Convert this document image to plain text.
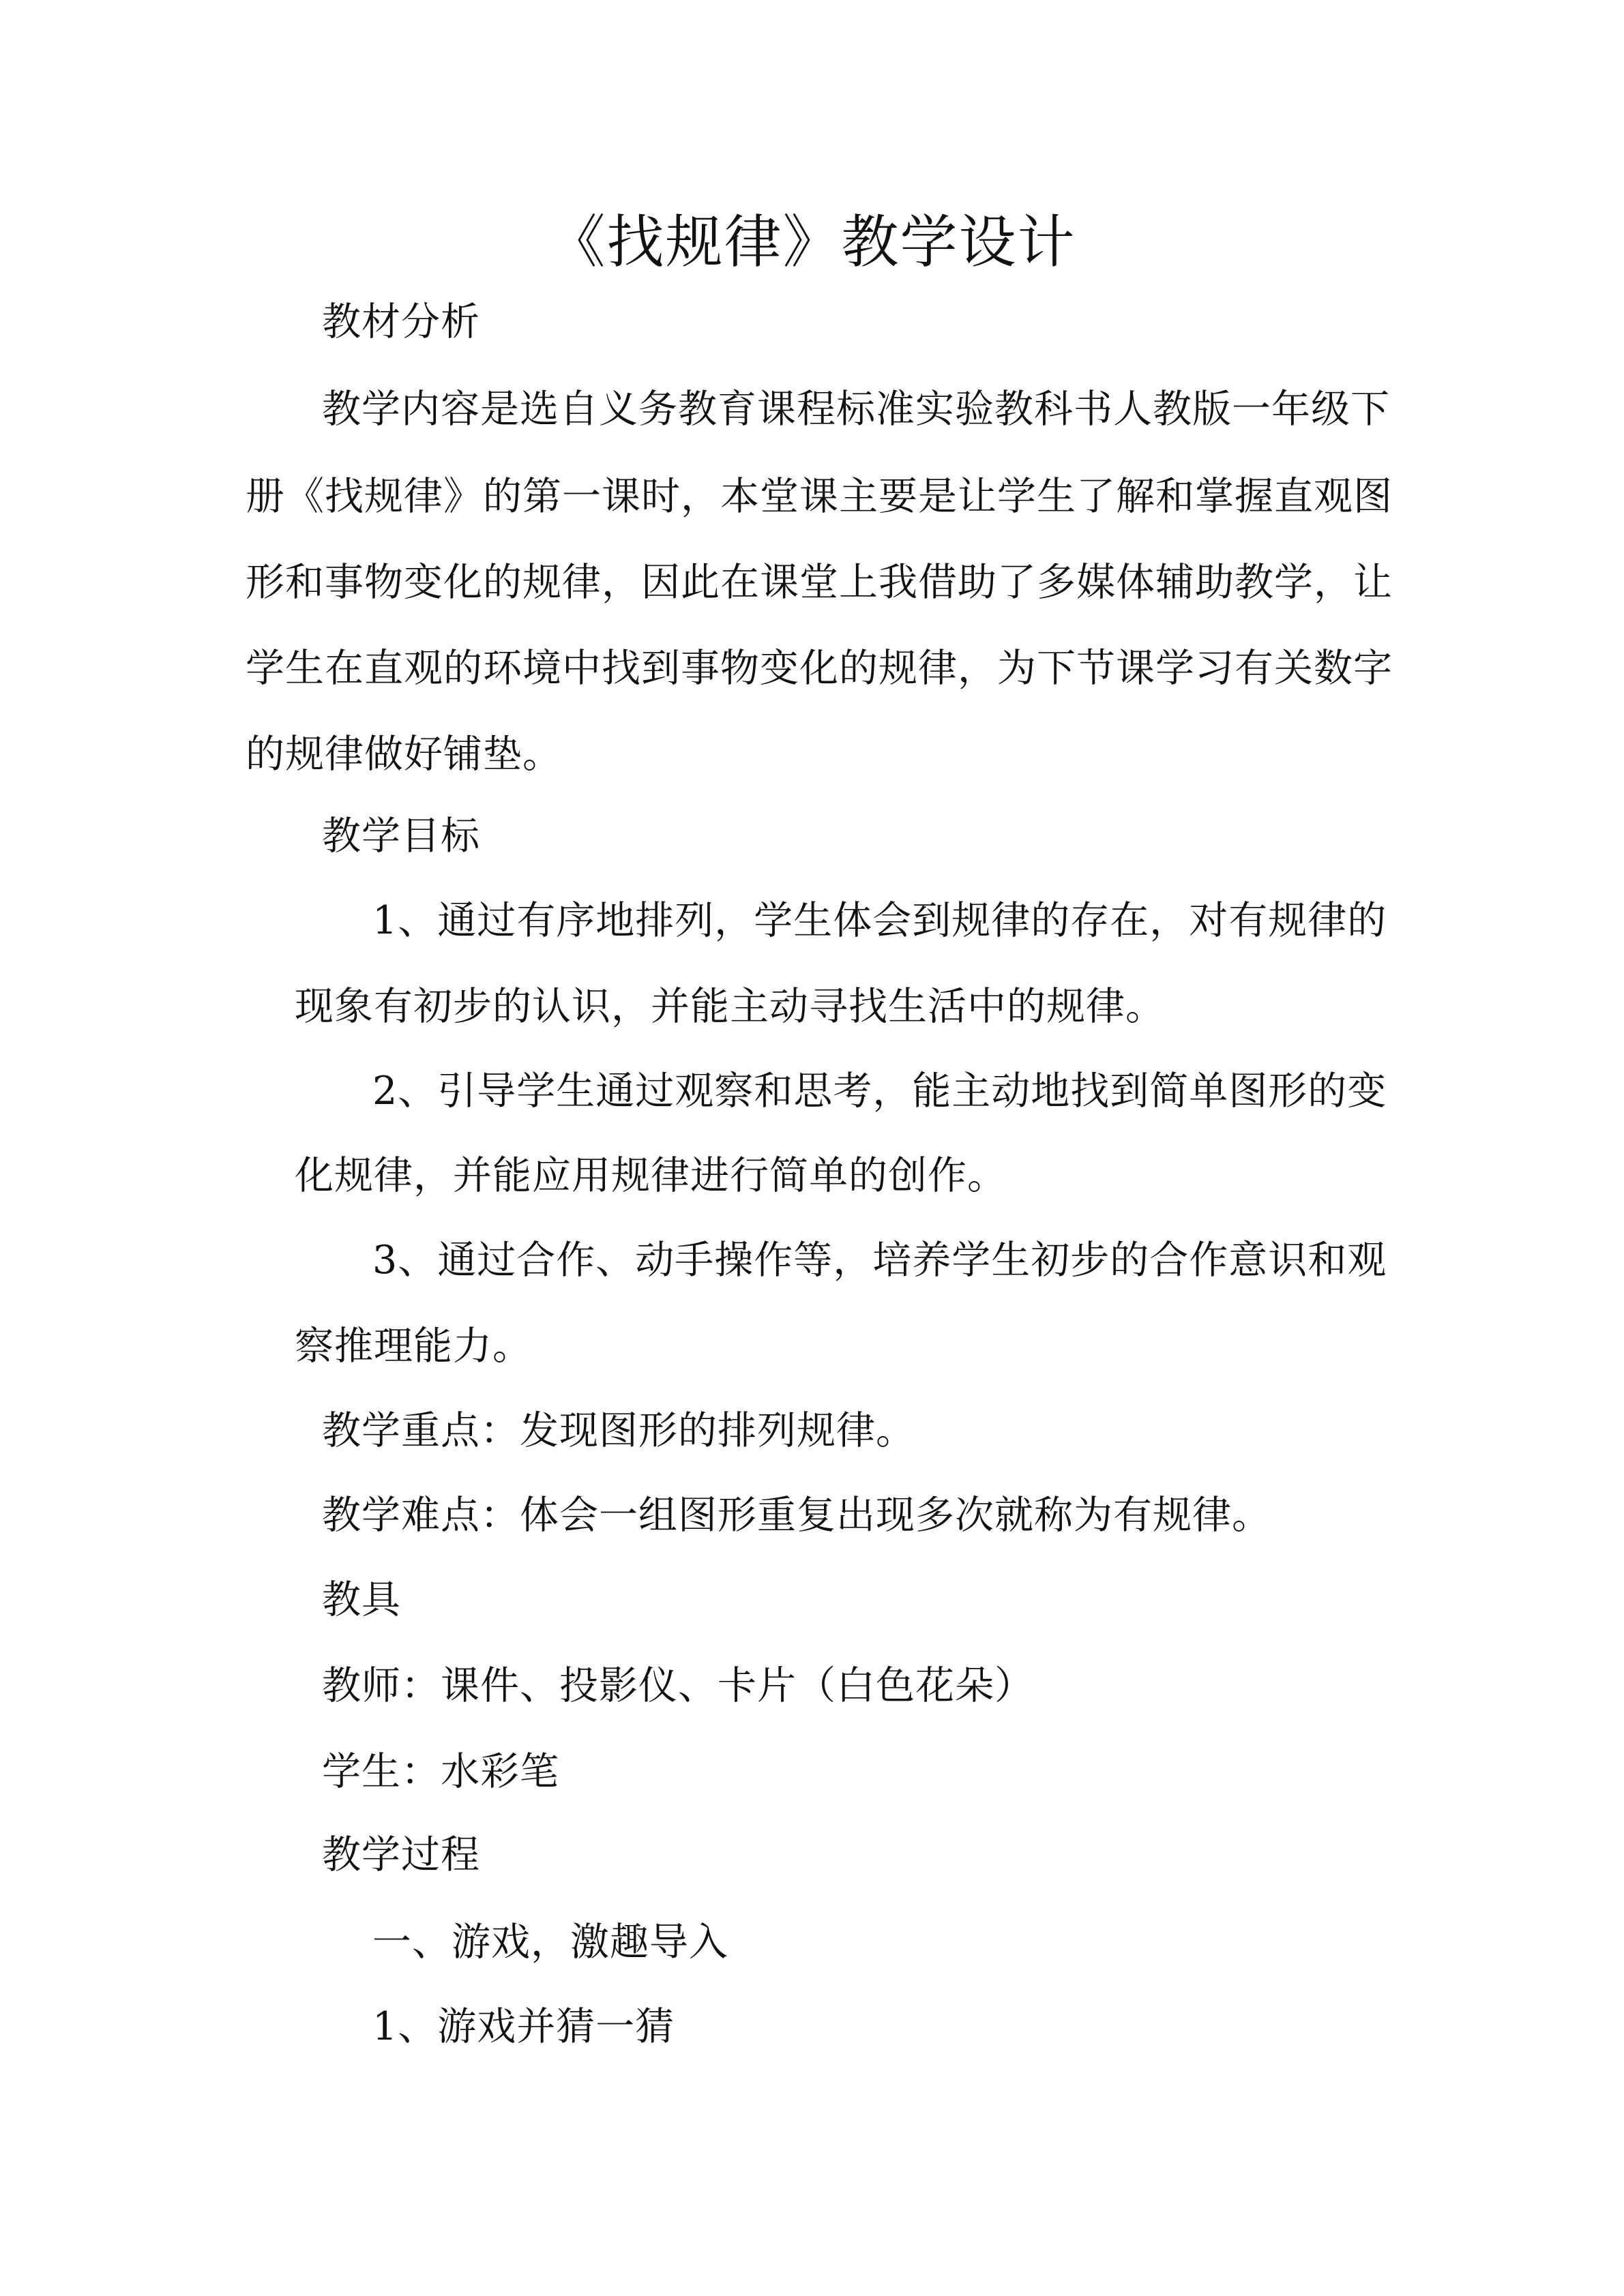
《找规律》教学设计
教材分析
教学内容是选自义务教育课程标准实验教科书人教版一年级下
册《找规律》的第一课时，本堂课主要是让学生了解和掌握直观图
形和事物变化的规律，因此在课堂上我借助了多媒体辅助教学，让
学生在直观的环境中找到事物变化的规律，为下节课学习有关数字
的规律做好铺垫。
教学目标
1、通过有序地排列，学生体会到规律的存在，对有规律的
现象有初步的认识，并能主动寻找生活中的规律。
2、引导学生通过观察和思考，能主动地找到简单图形的变
化规律，并能应用规律进行简单的创作。
3、通过合作、动手操作等，培养学生初步的合作意识和观
察推理能力。
教学重点：发现图形的排列规律。
教学难点：体会一组图形重复出现多次就称为有规律。
教具
教师：课件、投影仪、卡片（白色花朵）
学生：水彩笔
教学过程
一、游戏，激趣导入
1、游戏并猜一猜
